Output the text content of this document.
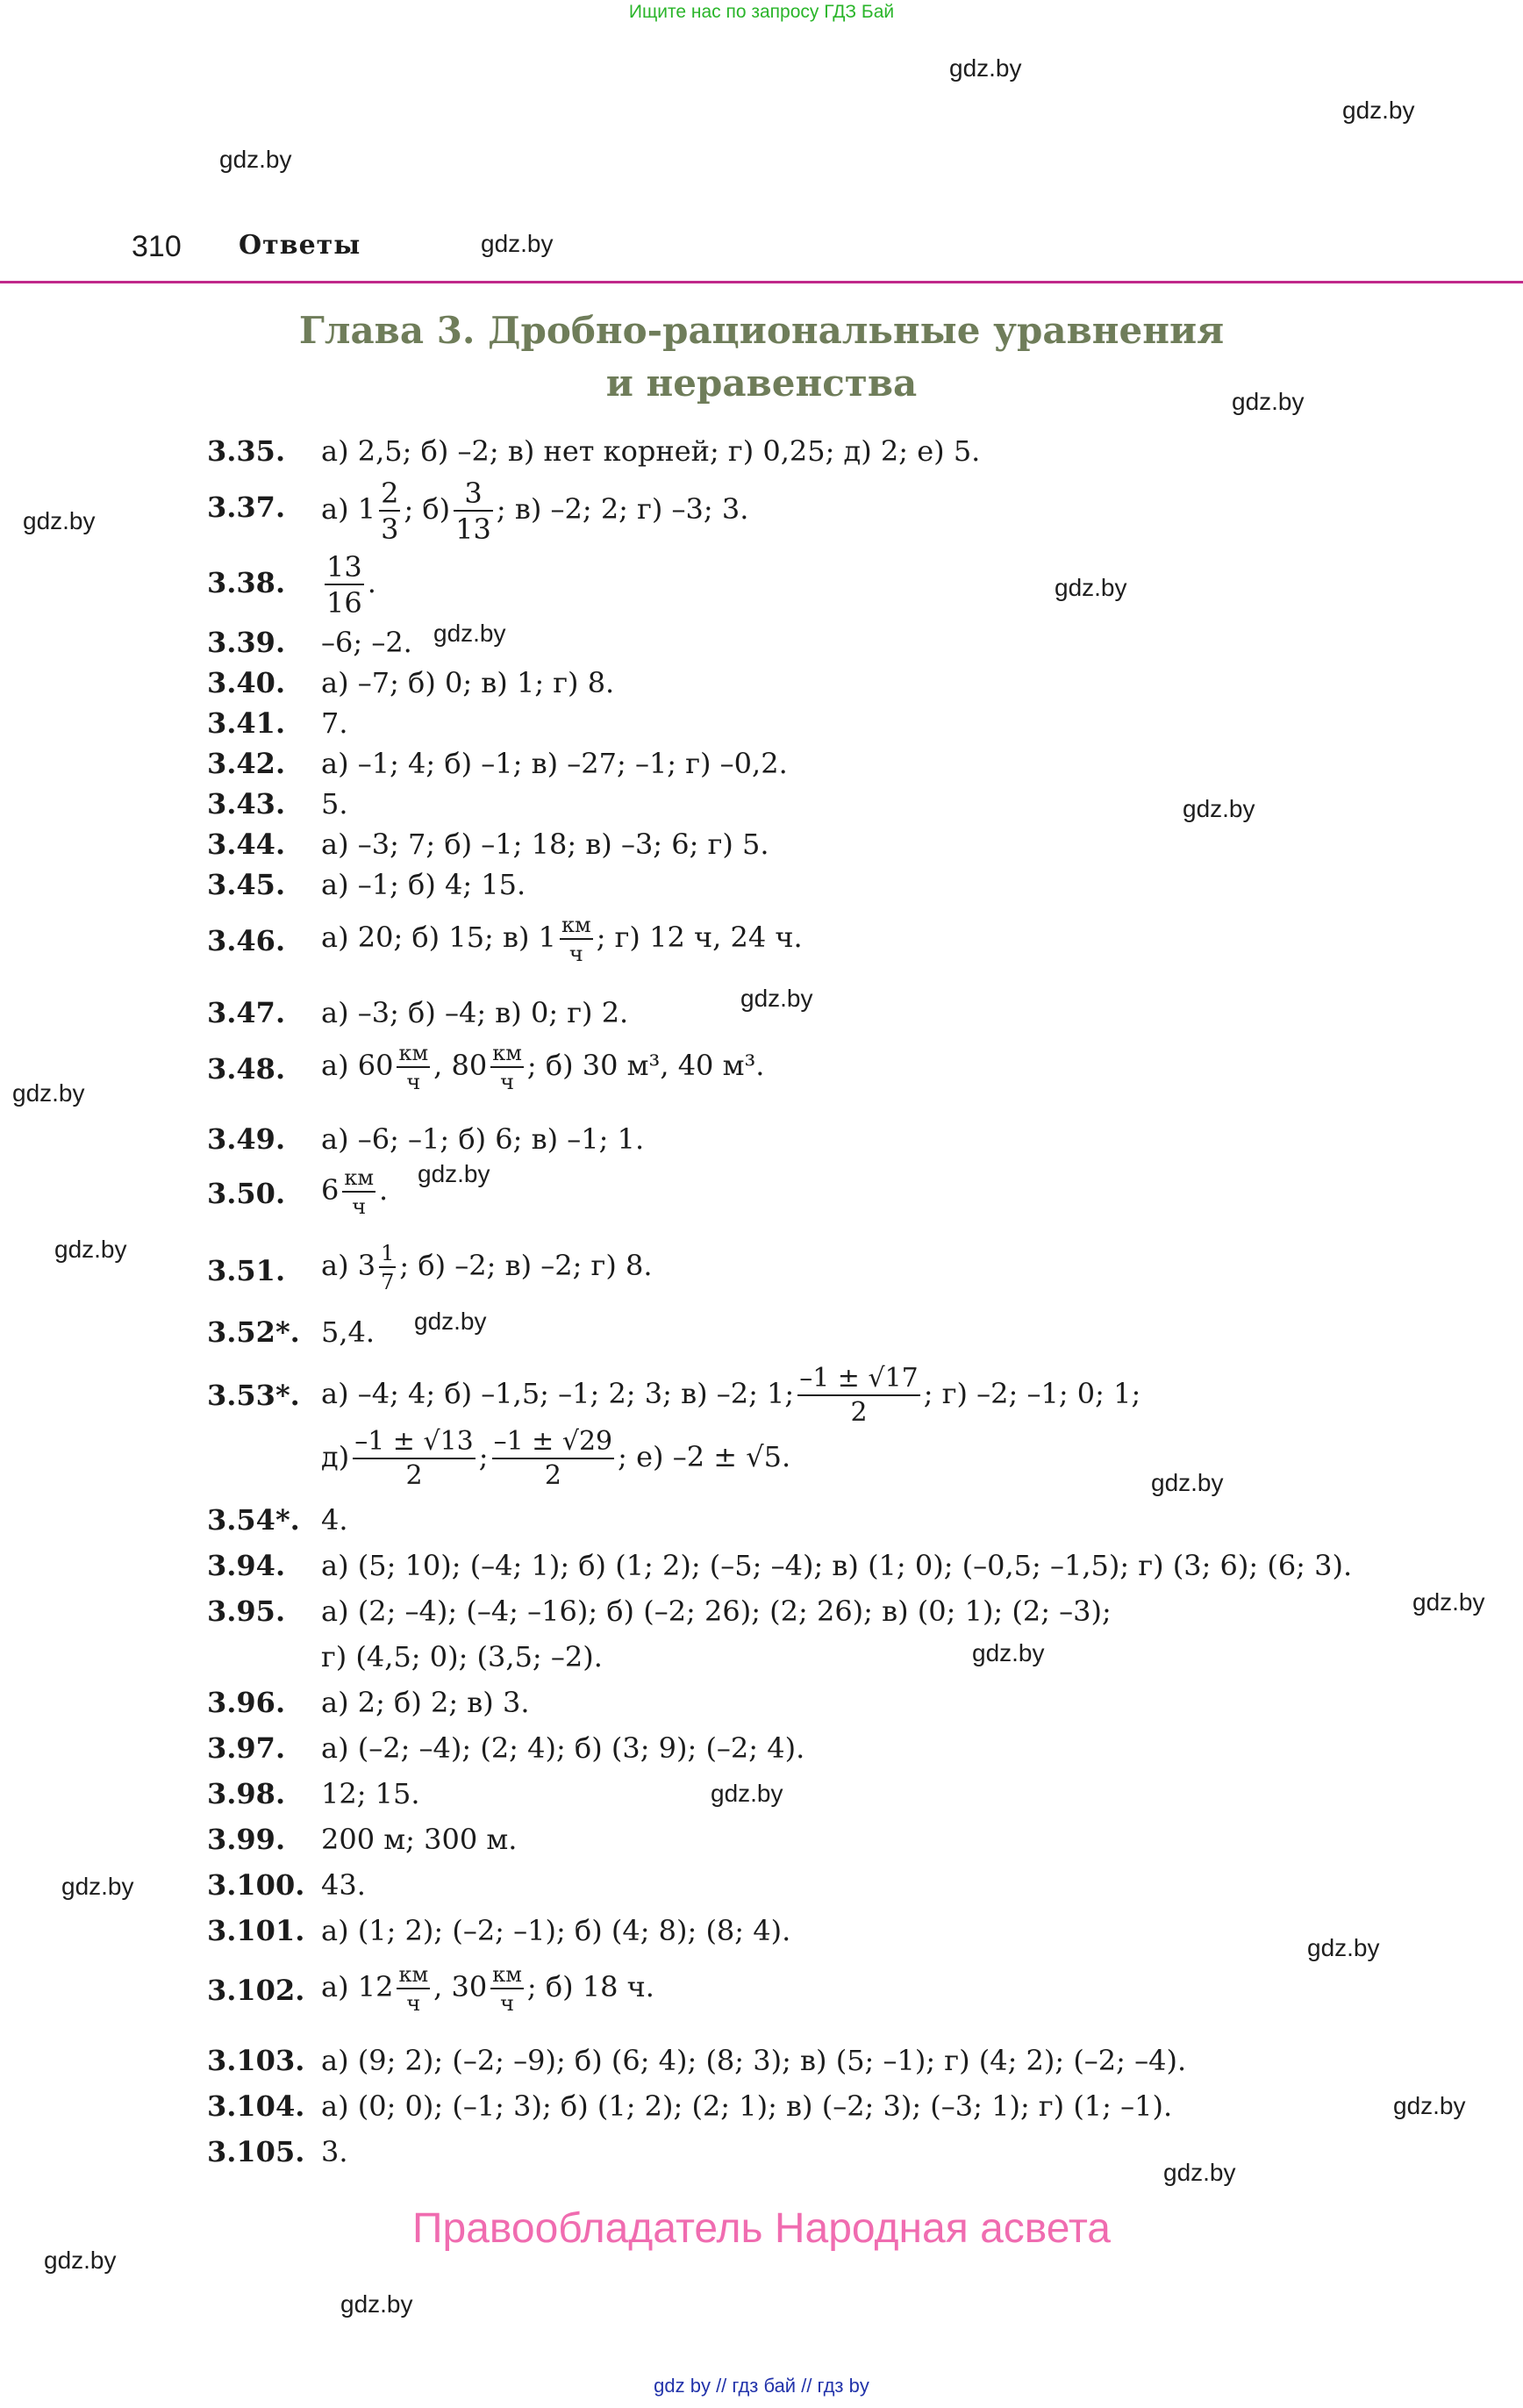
Ищите нас по запросу ГДЗ Бай
gdz.by
gdz.by
gdz.by
gdz.by
gdz.by
gdz.by
gdz.by
gdz.by
gdz.by
gdz.by
gdz.by
gdz.by
gdz.by
gdz.by
gdz.by
gdz.by
gdz.by
gdz.by
gdz.by
gdz.by
gdz.by
gdz.by
gdz.by
gdz.by
310 Ответы
Глава 3. Дробно-рациональные уравнения
и неравенства
3.35. а) 2,5; б) –2; в) нет корней; г) 0,25; д) 2; е) 5.
3.37. а) $1 \frac{2}{3}$ ; $б) \frac{3}{13}$ ; в) –2; 2; г) –3; 3.
3.38. $\frac{13}{16}$ .
3.39. –6; –2.
3.40. а) –7; б) 0; в) 1; г) 8.
3.41. 7.
3.42. а) –1; 4; б) –1; в) –27; –1; г) –0,2.
3.43. 5.
3.44. а) –3; 7; б) –1; 18; в) –3; 6; г) 5.
3.45. а) –1; б) 4; 15.
3.46. а) 20; б) 15; в) $1 \frac{км}{ч}$ ; г) 12 ч, 24 ч.
3.47. а) –3; б) –4; в) 0; г) 2.
3.48. а) $60 \frac{км}{ч}$ , $80 \frac{км}{ч}$ ; б) 30 м³, 40 м³.
3.49. а) –6; –1; б) 6; в) –1; 1.
3.50. $6 \frac{км}{ч}$ .
3.51. а) $3 \frac{1}{7}$ ; б) –2; в) –2; г) 8.
3.52*. 5,4.
3.53*. а) –4; 4; б) –1,5; –1; 2; 3; в) –2; 1; $\frac{-1 \pm √17}{2}$ ; г) –2; –1; 0; 1;
$д) \frac{-1 \pm √13}{2}$ ; $\frac{-1 \pm √29}{2}$ ; е) –2 ± √5.
3.54*. 4.
3.94. а) (5; 10); (–4; 1); б) (1; 2); (–5; –4); в) (1; 0); (–0,5; –1,5); г) (3; 6); (6; 3).
3.95. а) (2; –4); (–4; –16); б) (–2; 26); (2; 26); в) (0; 1); (2; –3);
г) (4,5; 0); (3,5; –2).
3.96. а) 2; б) 2; в) 3.
3.97. а) (–2; –4); (2; 4); б) (3; 9); (–2; 4).
3.98. 12; 15.
3.99. 200 м; 300 м.
3.100. 43.
3.101. а) (1; 2); (–2; –1); б) (4; 8); (8; 4).
3.102. а) $12 \frac{км}{ч}$ , $30 \frac{км}{ч}$ ; б) 18 ч.
3.103. а) (9; 2); (–2; –9); б) (6; 4); (8; 3); в) (5; –1); г) (4; 2); (–2; –4).
3.104. а) (0; 0); (–1; 3); б) (1; 2); (2; 1); в) (–2; 3); (–3; 1); г) (1; –1).
3.105. 3.
Правообладатель Народная асвета
gdz by // гдз бай // гдз by
